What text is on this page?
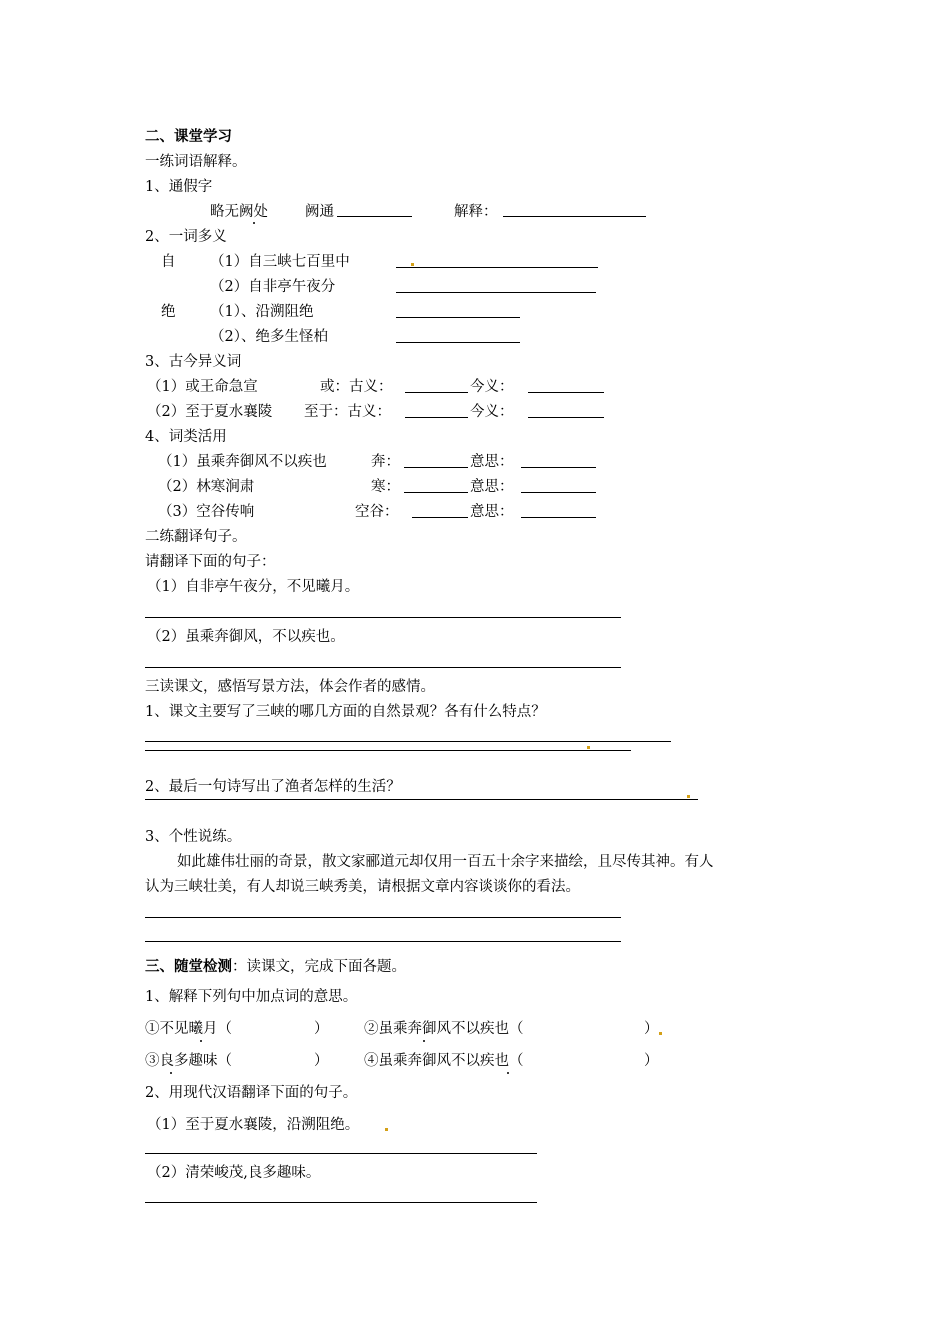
二、课堂学习
一练词语解释。
1、通假字
略无阙处	阙通	解释：
2、一词多义
自 （1）自三峡七百里中
（2）自非亭午夜分
绝 （1）、沿溯阻绝
（2）、绝多生怪柏
3、古今异义词
（1）或王命急宣	或：古义：	今义：
（2）至于夏水襄陵 至于：古义：	今义：
4、词类活用
（1）虽乘奔御风不以疾也	奔：	意思：
（2）林寒涧肃	寒：	意思：
（3）空谷传响	空谷：	意思：
二练翻译句子。
请翻译下面的句子：
（1）自非亭午夜分，不见曦月。
（2）虽乘奔御风，不以疾也。
三读课文，感悟写景方法，体会作者的感情。
1、课文主要写了三峡的哪几方面的自然景观？各有什么特点？
2、最后一句诗写出了渔者怎样的生活？
3、个性说练。
如此雄伟壮丽的奇景，散文家郦道元却仅用一百五十余字来描绘，且尽传其神。有人
认为三峡壮美，有人却说三峡秀美，请根据文章内容谈谈你的看法。
三、随堂检测：读课文，完成下面各题。
1、解释下列句中加点词的意思。
①不见曦月（	） ②虽乘奔御风不以疾也（	）
③良多趣味（	） ④虽乘奔御风不以疾也（	）
2、用现代汉语翻译下面的句子。
（1）至于夏水襄陵，沿溯阻绝。
（2）清荣峻茂,良多趣味。
